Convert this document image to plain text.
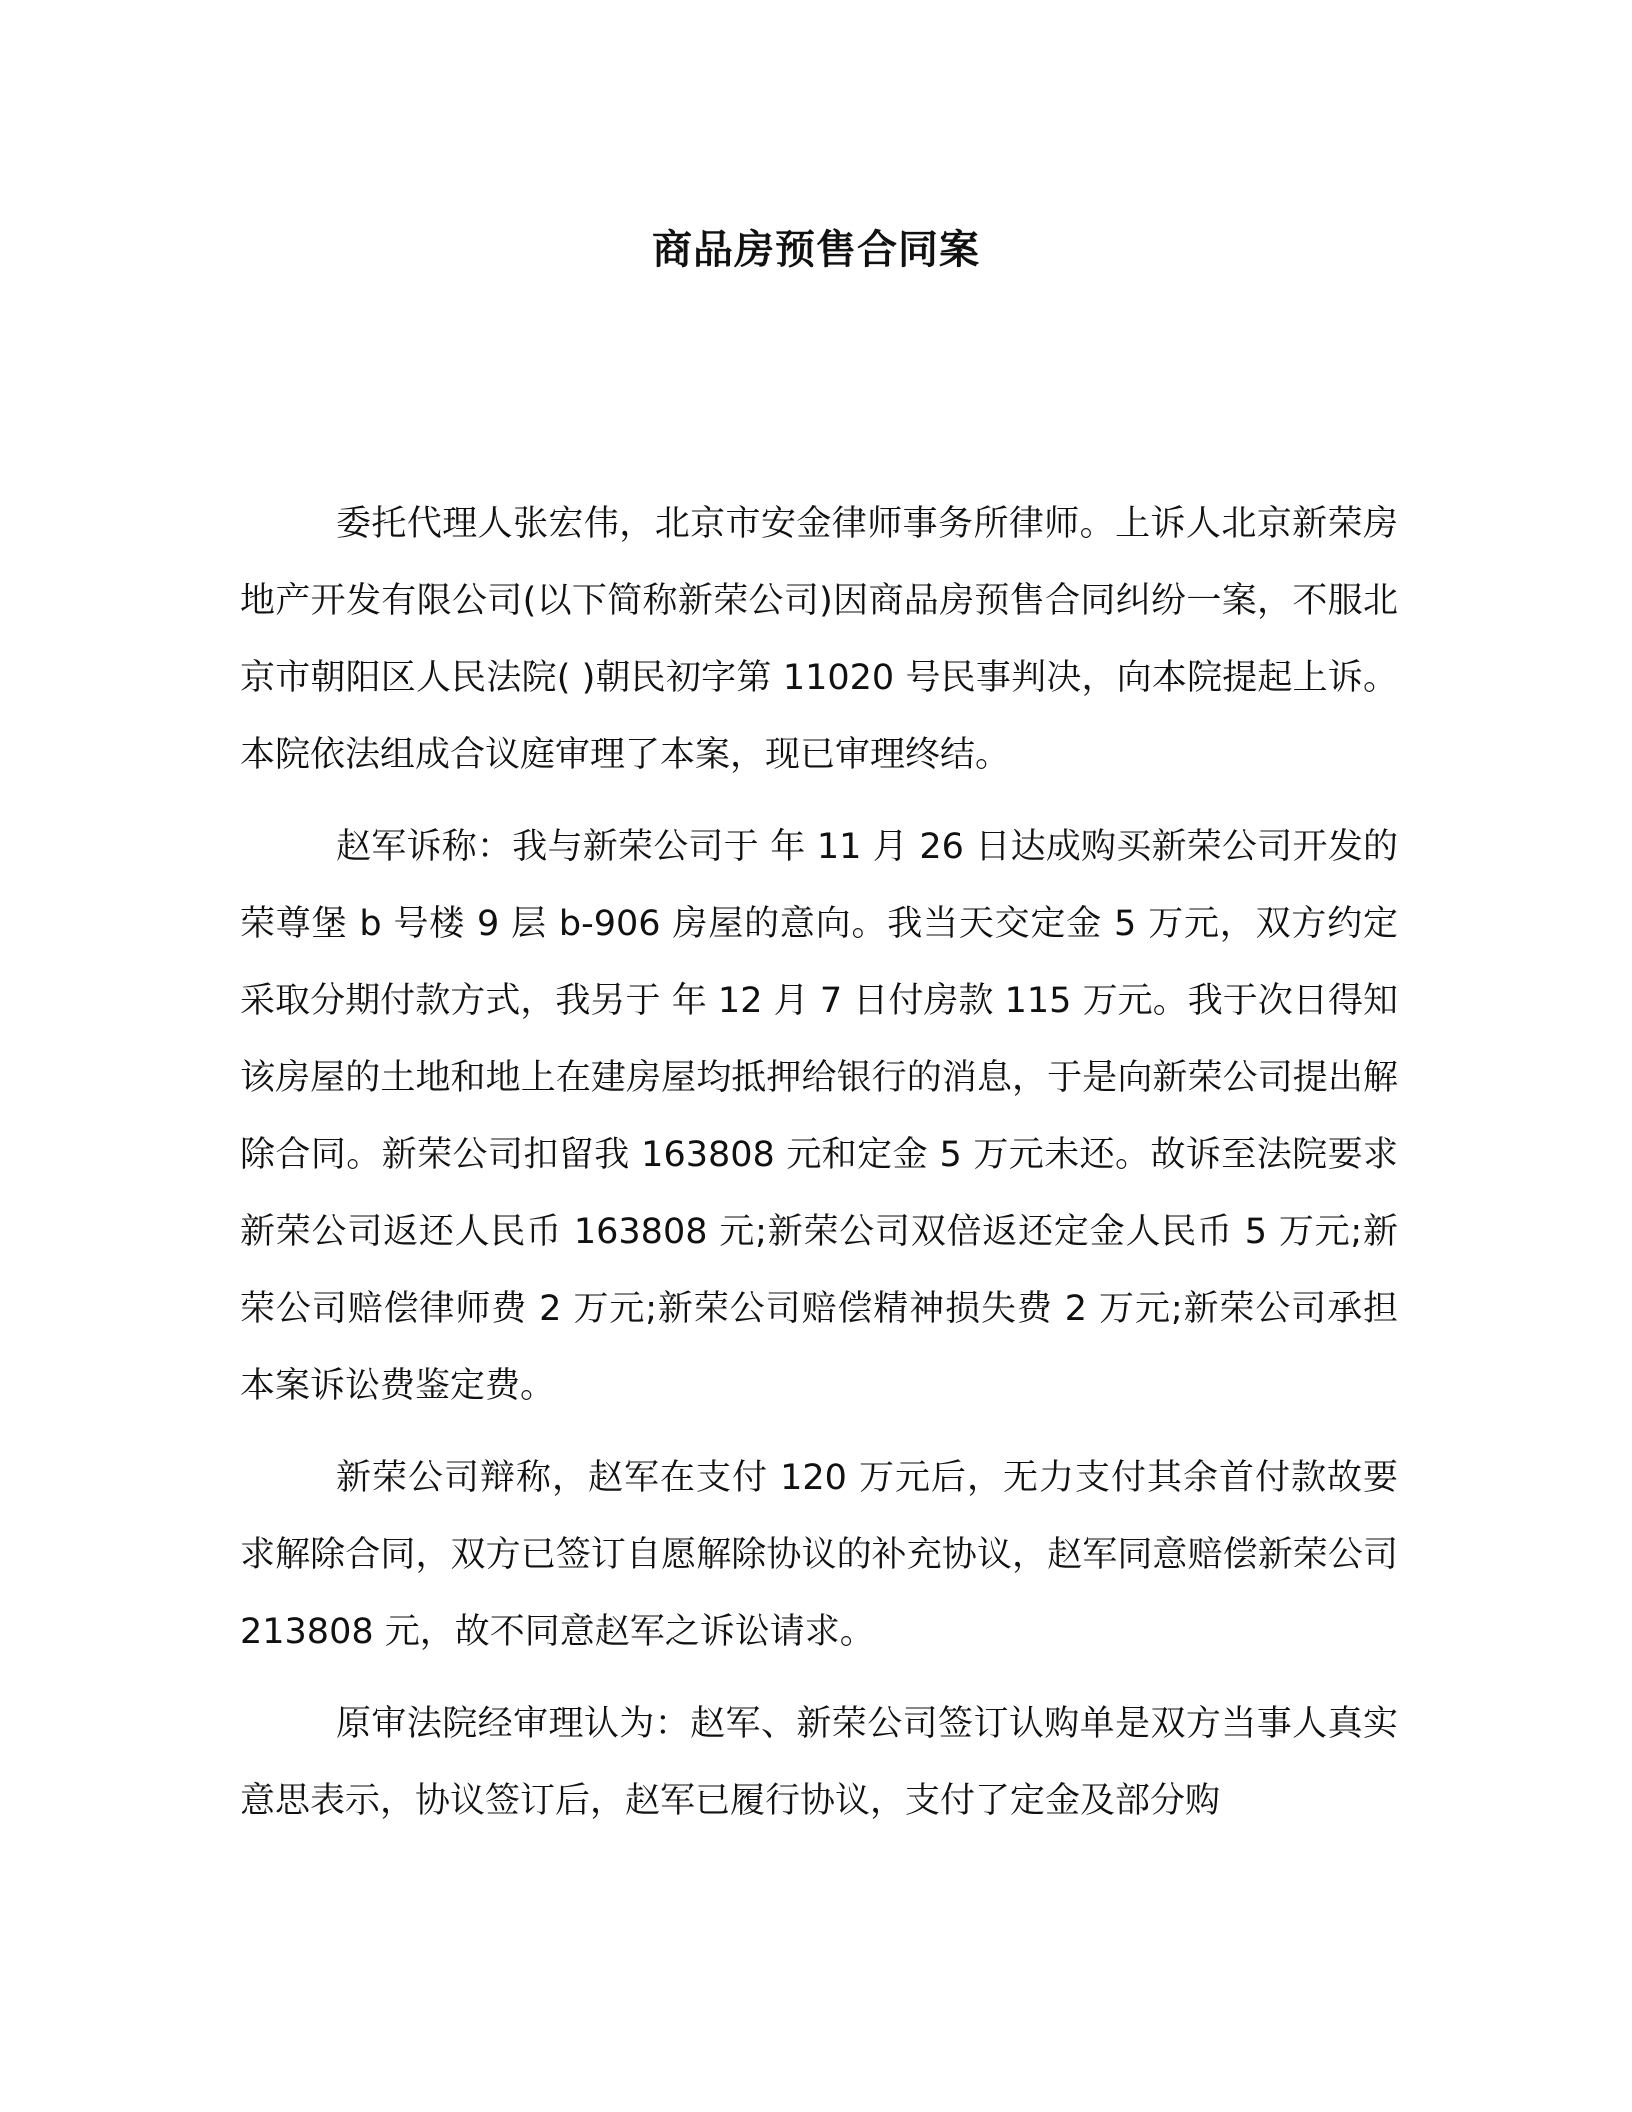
商品房预售合同案

委托代理人张宏伟，北京市安金律师事务所律师。上诉人北京新荣房地产开发有限公司(以下简称新荣公司)因商品房预售合同纠纷一案，不服北京市朝阳区人民法院( )朝民初字第 11020 号民事判决，向本院提起上诉。本院依法组成合议庭审理了本案，现已审理终结。

赵军诉称：我与新荣公司于 年 11 月 26 日达成购买新荣公司开发的荣尊堡 b 号楼 9 层 b-906 房屋的意向。我当天交定金 5 万元，双方约定采取分期付款方式，我另于 年 12 月 7 日付房款 115 万元。我于次日得知该房屋的土地和地上在建房屋均抵押给银行的消息，于是向新荣公司提出解除合同。新荣公司扣留我 163808 元和定金 5 万元未还。故诉至法院要求新荣公司返还人民币 163808 元;新荣公司双倍返还定金人民币 5 万元;新荣公司赔偿律师费 2 万元;新荣公司赔偿精神损失费 2 万元;新荣公司承担本案诉讼费鉴定费。

新荣公司辩称，赵军在支付 120 万元后，无力支付其余首付款故要求解除合同，双方已签订自愿解除协议的补充协议，赵军同意赔偿新荣公司 213808 元，故不同意赵军之诉讼请求。

原审法院经审理认为：赵军、新荣公司签订认购单是双方当事人真实意思表示，协议签订后，赵军已履行协议，支付了定金及部分购
